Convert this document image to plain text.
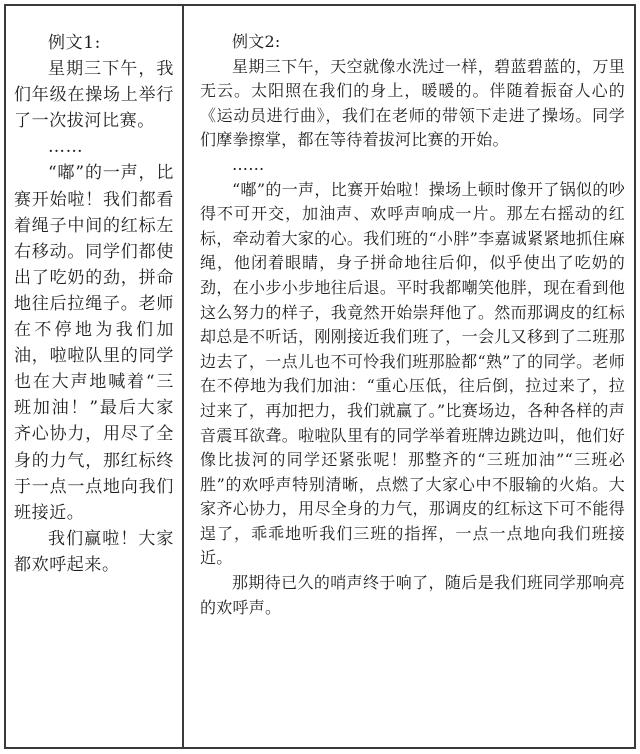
例文1:

星期三下午，我们年级在操场上举行了一次拔河比赛。

……

“嘟”的一声，比赛开始啦！我们都看着绳子中间的红标左右移动。同学们都使出了吃奶的劲，拼命地往后拉绳子。老师在不停地为我们加油，啦啦队里的同学也在大声地喊着“三班加油！”最后大家齐心协力，用尽了全身的力气，那红标终于一点一点地向我们班接近。

我们赢啦！大家都欢呼起来。

例文2:

星期三下午，天空就像水洗过一样，碧蓝碧蓝的，万里无云。太阳照在我们的身上，暖暖的。伴随着振奋人心的《运动员进行曲》，我们在老师的带领下走进了操场。同学们摩拳擦掌，都在等待着拔河比赛的开始。

……

“嘟”的一声，比赛开始啦！操场上顿时像开了锅似的吵得不可开交，加油声、欢呼声响成一片。那左右摇动的红标，牵动着大家的心。我们班的“小胖”李嘉诚紧紧地抓住麻绳，他闭着眼睛，身子拼命地往后仰，似乎使出了吃奶的劲，在小步小步地往后退。平时我都嘲笑他胖，现在看到他这么努力的样子，我竟然开始崇拜他了。然而那调皮的红标却总是不听话，刚刚接近我们班了，一会儿又移到了二班那边去了，一点儿也不可怜我们班那脸都“熟”了的同学。老师在不停地为我们加油：“重心压低，往后倒，拉过来了，拉过来了，再加把力，我们就赢了。”比赛场边，各种各样的声音震耳欲聋。啦啦队里有的同学举着班牌边跳边叫，他们好像比拔河的同学还紧张呢！那整齐的“三班加油”“三班必胜”的欢呼声特别清晰，点燃了大家心中不服输的火焰。大家齐心协力，用尽全身的力气，那调皮的红标这下可不能得逞了，乖乖地听我们三班的指挥，一点一点地向我们班接近。

那期待已久的哨声终于响了，随后是我们班同学那响亮的欢呼声。
